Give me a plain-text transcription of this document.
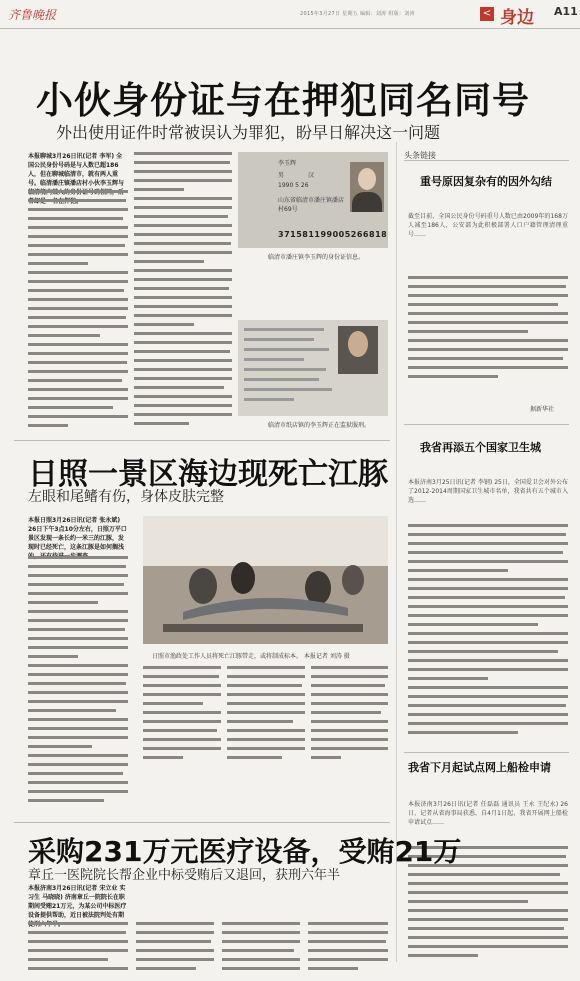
齐鲁晚报	2015年3月27日 星期五 编辑：刘涛 组版：刘涛	< 身边 A11
小伙身份证与在押犯同名同号
外出使用证件时常被误认为罪犯，盼早日解决这一问题
本报聊城3月26日讯(记者 李军) 全国公民身份号码是与人数已超186人，但在聊城临清市，就有两人重号。临清潘庄镇潘店村小伙李玉辉与
李玉辉
男	汉
1990 5 26
山东省临清市潘庄镇潘店村69号
371581199005266818
临清市潘庄镇李玉辉的身份证信息。
临清市纸店镇的李玉辉正在监狱服刑。
头条链接
重号原因复杂有的因外勾结
截至目前，全国公民身份号码重号人数已由2009年的168万人减至186人，公安部为此积极部署人口户籍管理清理重号……
据新华社
我省再添五个国家卫生城
本报济南3月25日讯(记者 李钢) 25日，全国爱卫会对外公布了2012-2014周期国家卫生城市名单，我省共有五个城市入选……
我省下月起试点网上船检申请
本报济南3月26日讯(记者 任磊磊 通讯员 王永 王纪永) 26日，记者从省海事局获悉，自4月1日起，我省开展网上船检申请试点……
日照一景区海边现死亡江豚
左眼和尾鳍有伤，身体皮肤完整
本报日照3月26日讯(记者 张永斌) 26日下午3点10分左右，日照万平口景区发现一条长约一米三的江豚，发现时已经死亡，这条江豚是如何搁浅
日照市渔政处工作人员将死亡江豚带走，或将制成标本。 本报记者 刘涛 摄
采购231万元医疗设备，受贿21万
章丘一医院院长帮企业中标受贿后又退回，获刑六年半
本报济南3月26日讯(记者 宋立业 实习生 马晓晓) 济南章丘一院院长在职期间受贿21万元，为某公司中标医疗设备提供帮助，近日被法院判处有期
